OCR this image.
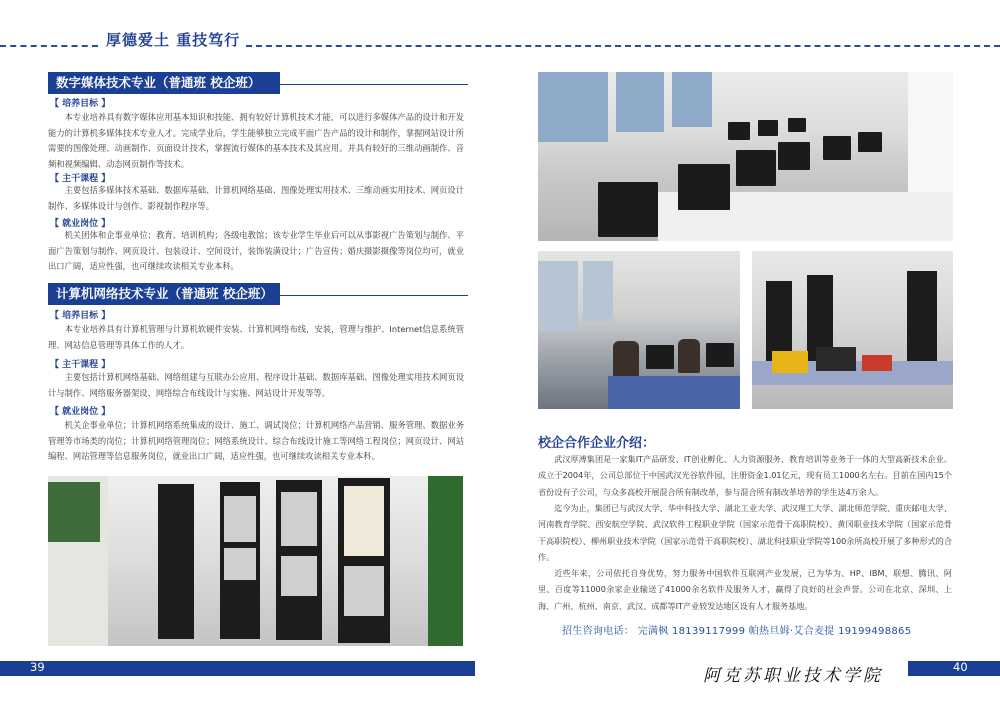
厚德爱土 重技笃行
数字媒体技术专业（普通班 校企班）
【 培养目标 】
本专业培养具有数字媒体应用基本知识和技能、拥有较好计算机技术才能，可以进行多媒体产品的设计和开发能力的计算机多媒体技术专业人才。完成学业后，学生能够独立完成平面广告产品的设计和制作，掌握网站设计所需要的图像处理、动画制作、页面设计技术，掌握流行媒体的基本技术及其应用。并具有较好的三维动画制作、音频和视频编辑、动态网页制作等技术。
【 主干课程 】
主要包括多媒体技术基础、数据库基础、计算机网络基础、图像处理实用技术、三维动画实用技术、网页设计制作、多媒体设计与创作、影视制作程序等。
【 就业岗位 】
机关团体和企事业单位；教育、培训机构；各级电教馆；该专业学生毕业后可以从事影视广告策划与制作、平面广告策划与制作、网页设计、包装设计、空间设计，装饰装潢设计；广告宣传；婚庆摄影摄像等岗位均可，就业出口广阔，适应性强，也可继续攻读相关专业本科。
计算机网络技术专业（普通班 校企班）
【 培养目标 】
本专业培养具有计算机管理与计算机软硬件安装、计算机网络布线，安装，管理与维护、Internet信息系统管理、网站信息管理等具体工作的人才。
【 主干课程 】
主要包括计算机网络基础、网络组建与互联办公应用、程序设计基础、数据库基础、图像处理实用技术网页设计与制作、网络服务器架设、网络综合布线设计与实施、网站设计开发等等。
【 就业岗位 】
机关企事业单位；计算机网络系统集成的设计、施工、调试岗位；计算机网络产品营销、服务管理、数据业务管理等市场类的岗位；计算机网络管理岗位；网络系统设计、综合布线设计施工等网络工程岗位；网页设计、网站编程、网站管理等信息服务岗位，就业出口广阔，适应性强，也可继续攻读相关专业本科。
校企合作企业介绍：
武汉厚溥集团是一家集IT产品研发、IT创业孵化、人力资源服务、教育培训等业务于一体的大型高新技术企业。成立于2004年，公司总部位于中国武汉光谷软件园，注册资金1.01亿元，现有员工1000名左右。目前在国内15个省份设有子公司，与众多高校开展混合所有制改革，参与混合所有制改革培养的学生达4万余人。
迄今为止，集团已与武汉大学、华中科技大学、湖北工业大学、武汉理工大学、湖北师范学院、重庆邮电大学、河南教育学院、西安航空学院、武汉软件工程职业学院（国家示范骨干高职院校）、黄冈职业技术学院（国家示范骨干高职院校）、柳州职业技术学院（国家示范骨干高职院校）、湖北科技职业学院等100余所高校开展了多种形式的合作。
近些年来，公司依托自身优势，努力服务中国软件互联网产业发展，已为华为、HP、IBM、联想、腾讯、阿里、百度等11000余家企业输送了41000余名软件及服务人才，赢得了良好的社会声誉。公司在北京、深圳、上海、广州、杭州、南京、武汉、成都等IT产业较发达地区设有人才服务基地。
招生咨询电话： 完满枫 18139117999 帕热旦姆·艾合麦提 19199498865
39	40
阿克苏职业技术学院
